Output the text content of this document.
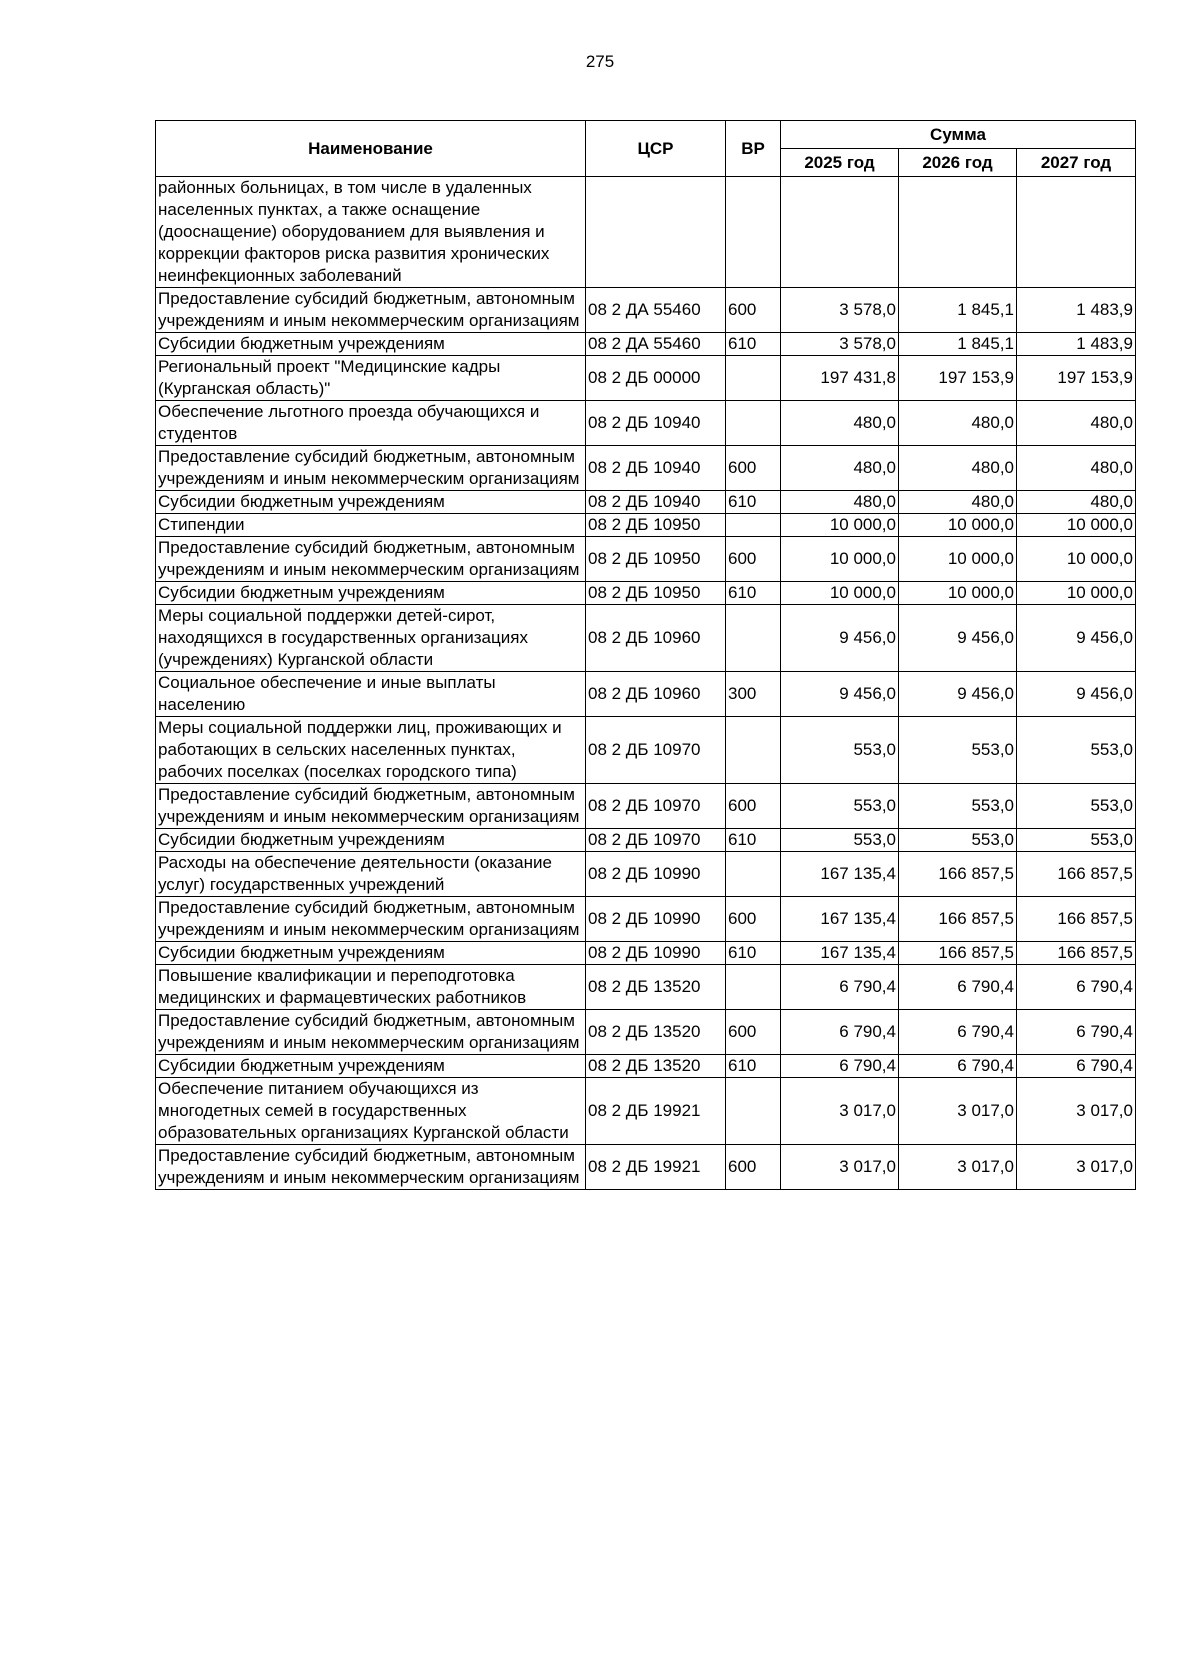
275
Наименование	ЦСР	ВР	Сумма		
			2025 год	2026 год	2027 год
районных больницах, в том числе в удаленных населенных пунктах, а также оснащение (дооснащение) оборудованием для выявления и коррекции факторов риска развития хронических неинфекционных заболеваний					
Предоставление субсидий бюджетным, автономным учреждениям и иным некоммерческим организациям	08 2 ДА 55460	600	3 578,0	1 845,1	1 483,9
Субсидии бюджетным учреждениям	08 2 ДА 55460	610	3 578,0	1 845,1	1 483,9
Региональный проект "Медицинские кадры (Курганская область)"	08 2 ДБ 00000		197 431,8	197 153,9	197 153,9
Обеспечение льготного проезда обучающихся и студентов	08 2 ДБ 10940		480,0	480,0	480,0
Предоставление субсидий бюджетным, автономным учреждениям и иным некоммерческим организациям	08 2 ДБ 10940	600	480,0	480,0	480,0
Субсидии бюджетным учреждениям	08 2 ДБ 10940	610	480,0	480,0	480,0
Стипендии	08 2 ДБ 10950		10 000,0	10 000,0	10 000,0
Предоставление субсидий бюджетным, автономным учреждениям и иным некоммерческим организациям	08 2 ДБ 10950	600	10 000,0	10 000,0	10 000,0
Субсидии бюджетным учреждениям	08 2 ДБ 10950	610	10 000,0	10 000,0	10 000,0
Меры социальной поддержки детей-сирот, находящихся в государственных организациях (учреждениях) Курганской области	08 2 ДБ 10960		9 456,0	9 456,0	9 456,0
Социальное обеспечение и иные выплаты населению	08 2 ДБ 10960	300	9 456,0	9 456,0	9 456,0
Меры социальной поддержки лиц, проживающих и работающих в сельских населенных пунктах, рабочих поселках (поселках городского типа)	08 2 ДБ 10970		553,0	553,0	553,0
Предоставление субсидий бюджетным, автономным учреждениям и иным некоммерческим организациям	08 2 ДБ 10970	600	553,0	553,0	553,0
Субсидии бюджетным учреждениям	08 2 ДБ 10970	610	553,0	553,0	553,0
Расходы на обеспечение деятельности (оказание услуг) государственных учреждений	08 2 ДБ 10990		167 135,4	166 857,5	166 857,5
Предоставление субсидий бюджетным, автономным учреждениям и иным некоммерческим организациям	08 2 ДБ 10990	600	167 135,4	166 857,5	166 857,5
Субсидии бюджетным учреждениям	08 2 ДБ 10990	610	167 135,4	166 857,5	166 857,5
Повышение квалификации и переподготовка медицинских и фармацевтических работников	08 2 ДБ 13520		6 790,4	6 790,4	6 790,4
Предоставление субсидий бюджетным, автономным учреждениям и иным некоммерческим организациям	08 2 ДБ 13520	600	6 790,4	6 790,4	6 790,4
Субсидии бюджетным учреждениям	08 2 ДБ 13520	610	6 790,4	6 790,4	6 790,4
Обеспечение питанием обучающихся из многодетных семей в государственных образовательных организациях Курганской области	08 2 ДБ 19921		3 017,0	3 017,0	3 017,0
Предоставление субсидий бюджетным, автономным учреждениям и иным некоммерческим организациям	08 2 ДБ 19921	600	3 017,0	3 017,0	3 017,0
